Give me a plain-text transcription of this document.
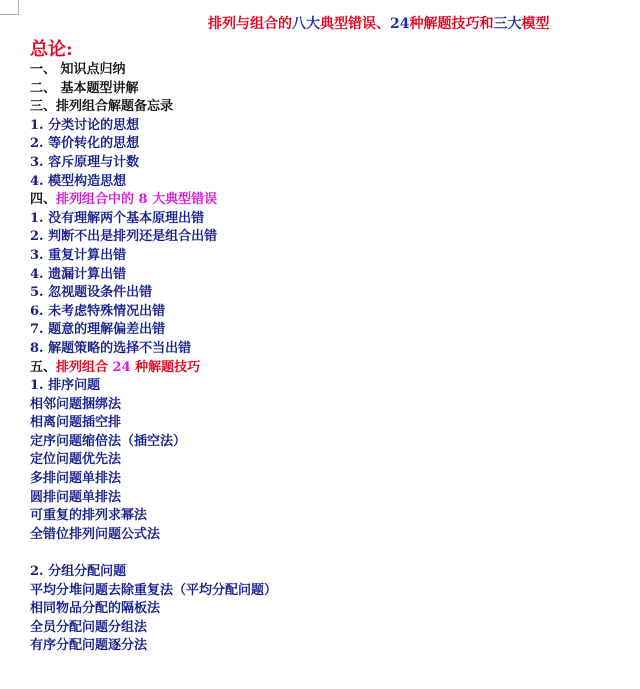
排列与组合的八大典型错误、24种解题技巧和三大模型
总论:
一、 知识点归纳
二、 基本题型讲解
三、排列组合解题备忘录
1. 分类讨论的思想
2. 等价转化的思想
3. 容斥原理与计数
4. 模型构造思想
四、排列组合中的 8 大典型错误
1. 没有理解两个基本原理出错
2. 判断不出是排列还是组合出错
3. 重复计算出错
4. 遗漏计算出错
5. 忽视题设条件出错
6. 未考虑特殊情况出错
7. 题意的理解偏差出错
8. 解题策略的选择不当出错
五、排列组合 24 种解题技巧
1. 排序问题
相邻问题捆绑法
相离问题插空排
定序问题缩倍法（插空法）
定位问题优先法
多排问题单排法
圆排问题单排法
可重复的排列求幂法
全错位排列问题公式法
2. 分组分配问题
平均分堆问题去除重复法（平均分配问题）
相同物品分配的隔板法
全员分配问题分组法
有序分配问题逐分法
